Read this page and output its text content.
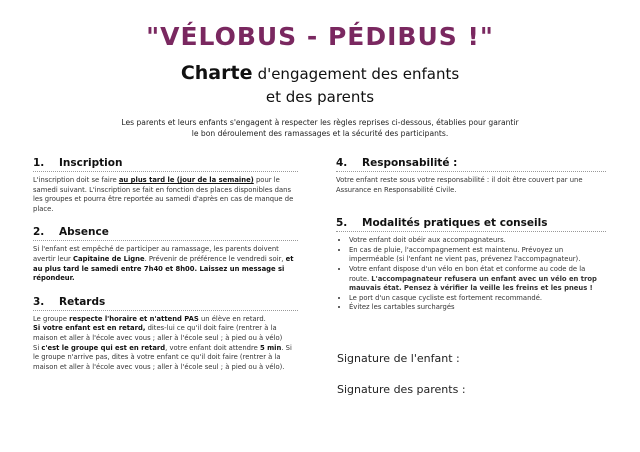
"VÉLOBUS - PÉDIBUS !"
Charte d'engagement des enfants
et des parents
Les parents et leurs enfants s'engagent à respecter les règles reprises ci-dessous, établies pour garantir le bon déroulement des ramassages et la sécurité des participants.
1. Inscription
L'inscription doit se faire au plus tard le (jour de la semaine) pour le samedi suivant. L'inscription se fait en fonction des places disponibles dans les groupes et pourra être reportée au samedi d'après en cas de manque de place.
2. Absence
Si l'enfant est empêché de participer au ramassage, les parents doivent avertir leur Capitaine de Ligne. Prévenir de préférence le vendredi soir, et au plus tard le samedi entre 7h40 et 8h00. Laissez un message si répondeur.
3. Retards
Le groupe respecte l'horaire et n'attend PAS un élève en retard.
Si votre enfant est en retard, dites-lui ce qu'il doit faire (rentrer à la maison et aller à l'école avec vous ; aller à l'école seul ; à pied ou à vélo)
Si c'est le groupe qui est en retard, votre enfant doit attendre 5 min. Si le groupe n'arrive pas, dites à votre enfant ce qu'il doit faire (rentrer à la maison et aller à l'école avec vous ; aller à l'école seul ; à pied ou à vélo).
4. Responsabilité :
Votre enfant reste sous votre responsabilité : il doit être couvert par une Assurance en Responsabilité Civile.
5. Modalités pratiques et conseils
• Votre enfant doit obéir aux accompagnateurs.
• En cas de pluie, l'accompagnement est maintenu. Prévoyez un imperméable (si l'enfant ne vient pas, prévenez l'accompagnateur).
• Votre enfant dispose d'un vélo en bon état et conforme au code de la route. L'accompagnateur refusera un enfant avec un vélo en trop mauvais état. Pensez à vérifier la veille les freins et les pneus !
• Le port d'un casque cycliste est fortement recommandé.
• Évitez les cartables surchargés
Signature de l'enfant :
Signature des parents :
